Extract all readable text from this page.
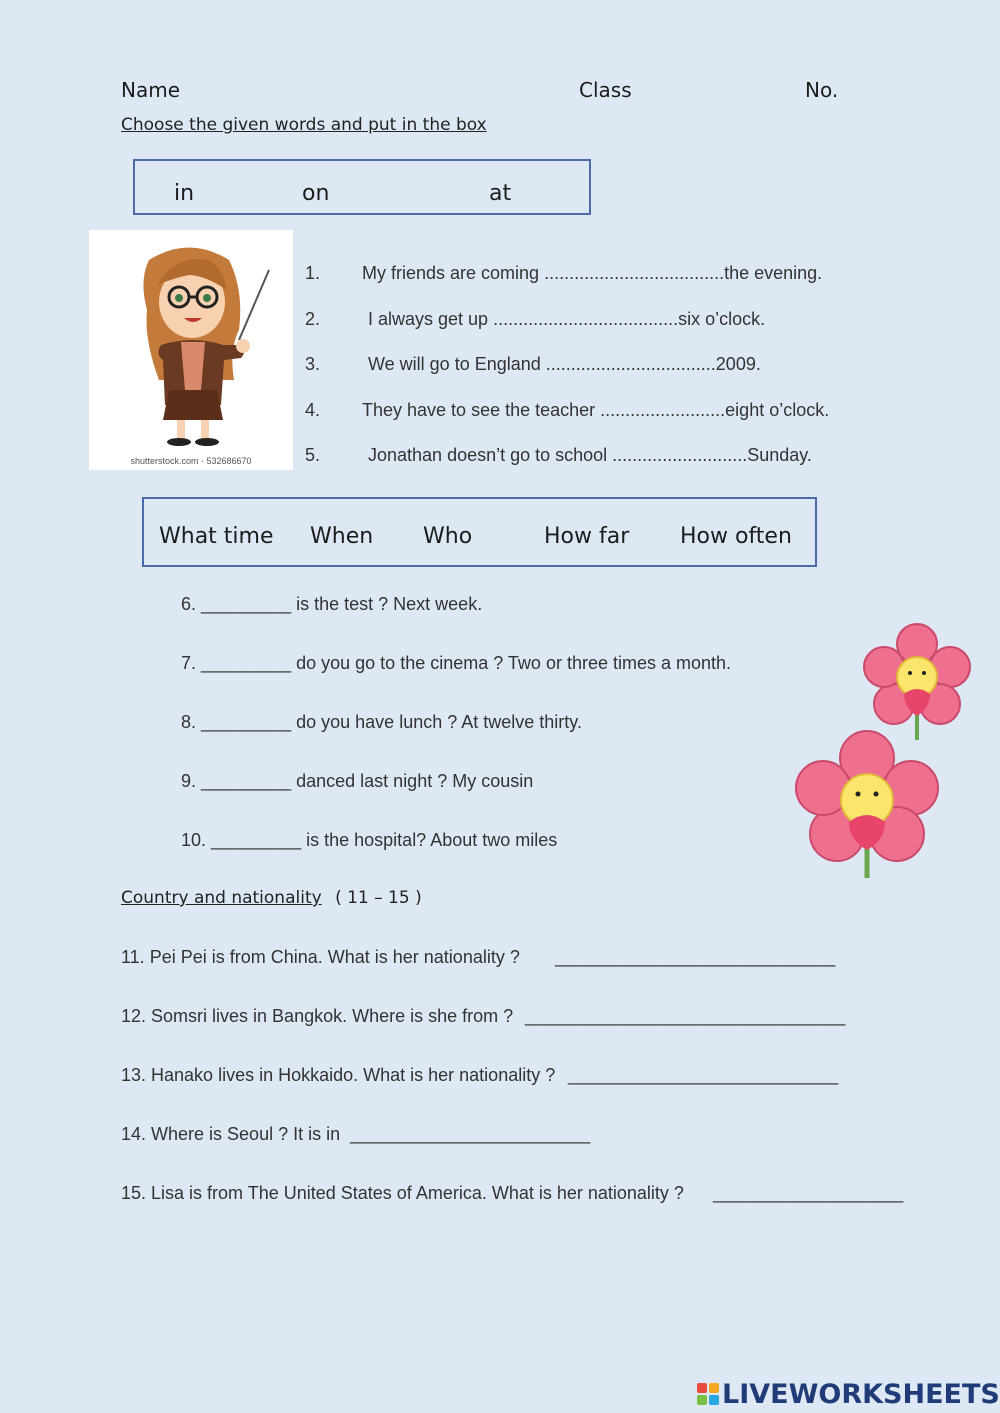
Name	Class	No.
Choose the given words and put in the box
in	on	at
shutterstock.com · 532686670
1. My friends are coming ....................................the evening.
2.	I always get up .....................................six o’clock.
3.	We will go to England ..................................2009.
4. They have to see the teacher .........................eight o’clock.
5.	Jonathan doesn’t go to school ...........................Sunday.
What time When Who	How far How often
6. _________ is the test ? Next week.
7. _________ do you go to the cinema ? Two or three times a month.
8. _________ do you have lunch ? At twelve thirty.
9. _________ danced last night ? My cousin
10. _________ is the hospital? About two miles
Country and nationality ( 11 – 15 )
11. Pei Pei is from China. What is her nationality ? ____________________________
12. Somsri lives in Bangkok. Where is she from ? ________________________________
13. Hanako lives in Hokkaido. What is her nationality ? ___________________________
14. Where is Seoul ? It is in ________________________
15. Lisa is from The United States of America. What is her nationality ? ___________________
LIVEWORKSHEETS
